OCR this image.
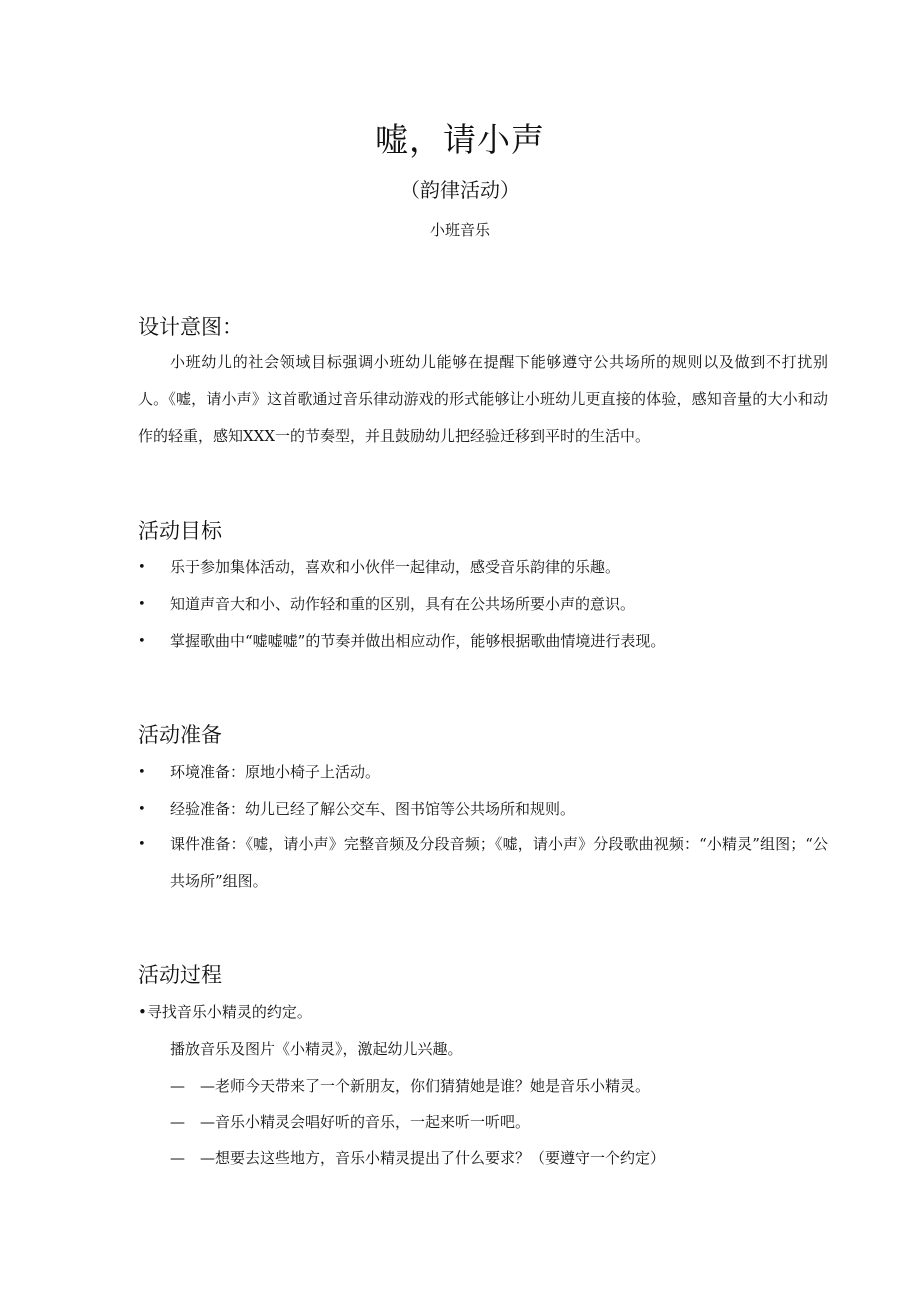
嘘，请小声
（韵律活动）
小班音乐
设计意图：

小班幼儿的社会领域目标强调小班幼儿能够在提醒下能够遵守公共场所的规则以及做到不打扰别人。《嘘，请小声》这首歌通过音乐律动游戏的形式能够让小班幼儿更直接的体验，感知音量的大小和动作的轻重，感知XXX一的节奏型，并且鼓励幼儿把经验迁移到平时的生活中。

活动目标
•	乐于参加集体活动，喜欢和小伙伴一起律动，感受音乐韵律的乐趣。
•	知道声音大和小、动作轻和重的区别，具有在公共场所要小声的意识。
•	掌握歌曲中“嘘嘘嘘”的节奏并做出相应动作，能够根据歌曲情境进行表现。
活动准备
•	环境准备：原地小椅子上活动。
•	经验准备：幼儿已经了解公交车、图书馆等公共场所和规则。
•	课件准备：《嘘，请小声》完整音频及分段音频；《嘘，请小声》分段歌曲视频：“小精灵”组图；“公共场所”组图。
活动过程
•寻找音乐小精灵的约定。
播放音乐及图片《小精灵》，激起幼儿兴趣。
— —老师今天带来了一个新朋友，你们猜猜她是谁？她是音乐小精灵。
— —音乐小精灵会唱好听的音乐，一起来听一听吧。
— —想要去这些地方，音乐小精灵提出了什么要求？（要遵守一个约定）
